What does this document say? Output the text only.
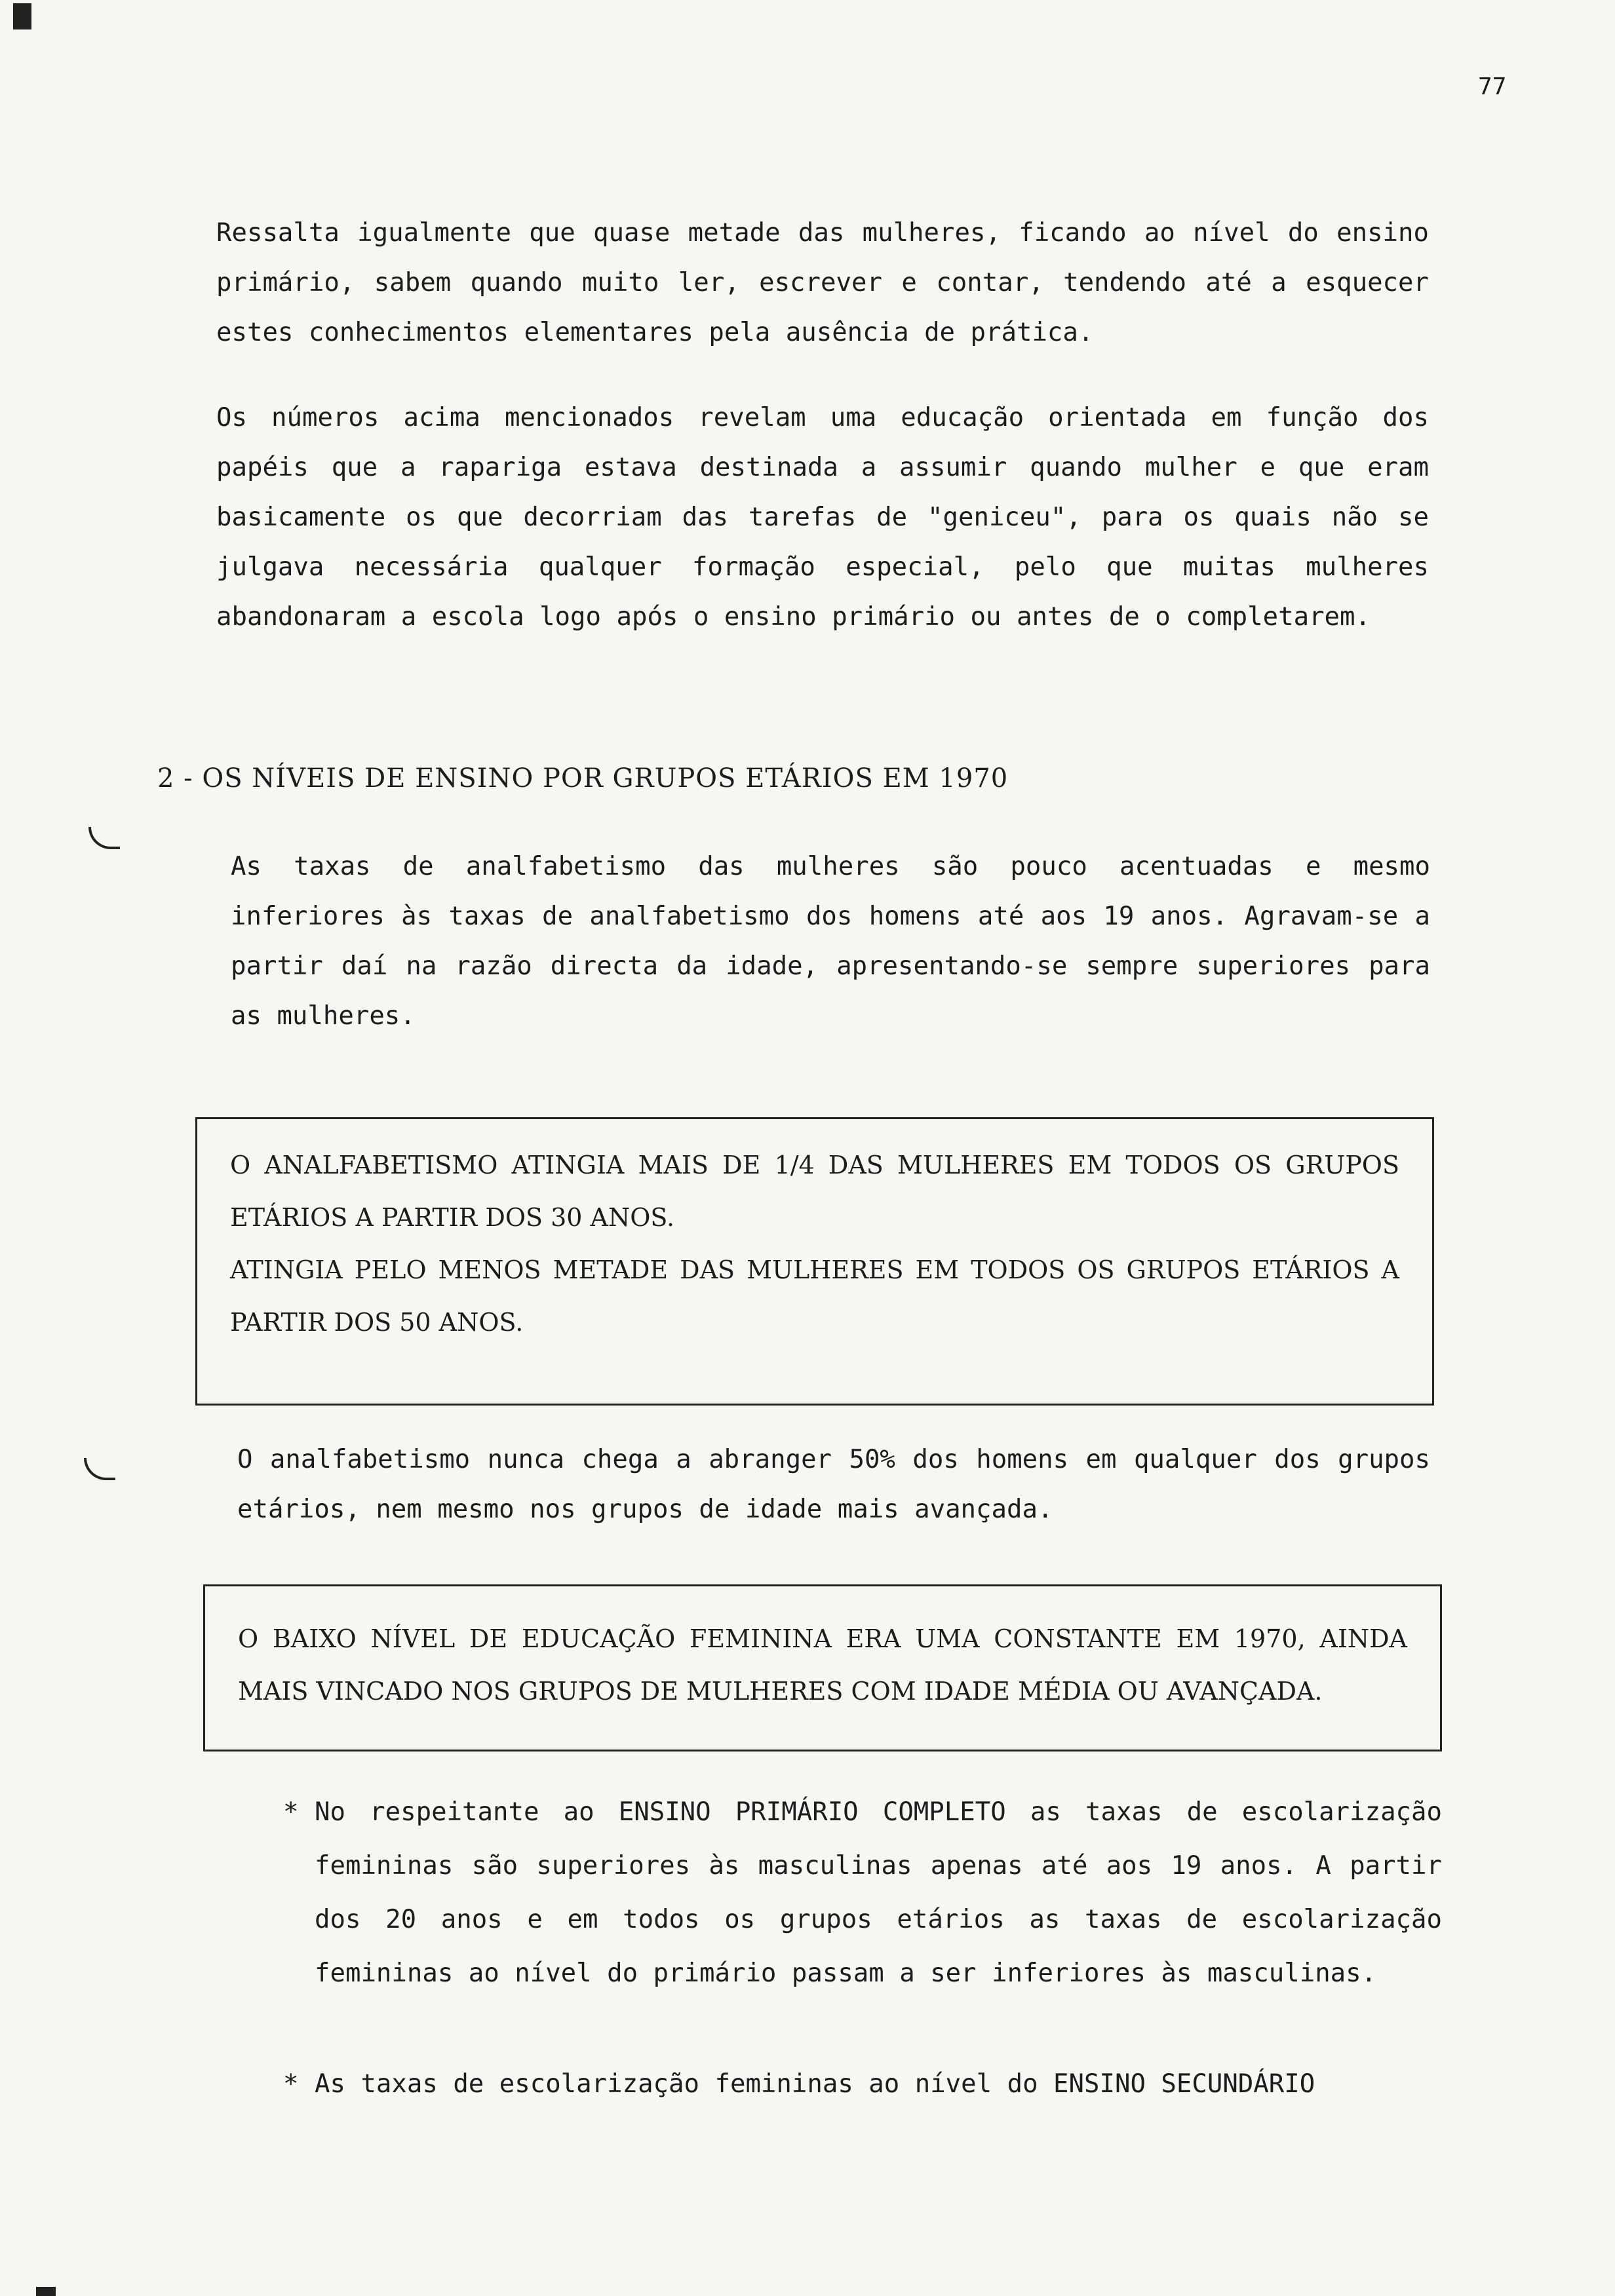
77

Ressalta igualmente que quase metade das mulheres, ficando ao nível do ensino primário, sabem quando muito ler, escrever e contar, tendendo até a esquecer estes conhecimentos elementares pela ausência de prática.

Os números acima mencionados revelam uma educação orientada em função dos papéis que a rapariga estava destinada a assumir quando mulher e que eram basicamente os que decorriam das tarefas de "geniceu", para os quais não se julgava necessária qualquer formação especial, pelo que muitas mulheres abandonaram a escola logo após o ensino primário ou antes de o completarem.

2 - OS NÍVEIS DE ENSINO POR GRUPOS ETÁRIOS EM 1970

As taxas de analfabetismo das mulheres são pouco acentuadas e mesmo inferiores às taxas de analfabetismo dos homens até aos 19 anos. Agravam-se a partir daí na razão directa da idade, apresentando-se sempre superiores para as mulheres.

O ANALFABETISMO ATINGIA MAIS DE 1/4 DAS MULHERES EM TODOS OS GRUPOS ETÁRIOS A PARTIR DOS 30 ANOS.

ATINGIA PELO MENOS METADE DAS MULHERES EM TODOS OS GRUPOS ETÁRIOS A PARTIR DOS 50 ANOS.

O analfabetismo nunca chega a abranger 50% dos homens em qualquer dos grupos etários, nem mesmo nos grupos de idade mais avançada.

O BAIXO NÍVEL DE EDUCAÇÃO FEMININA ERA UMA CONSTANTE EM 1970, AINDA MAIS VINCADO NOS GRUPOS DE MULHERES COM IDADE MÉDIA OU AVANÇADA.

* No respeitante ao ENSINO PRIMÁRIO COMPLETO as taxas de escolarização femininas são superiores às masculinas apenas até aos 19 anos. A partir dos 20 anos e em todos os grupos etários as taxas de escolarização femininas ao nível do primário passam a ser inferiores às masculinas.
* As taxas de escolarização femininas ao nível do ENSINO SECUNDÁRIO
